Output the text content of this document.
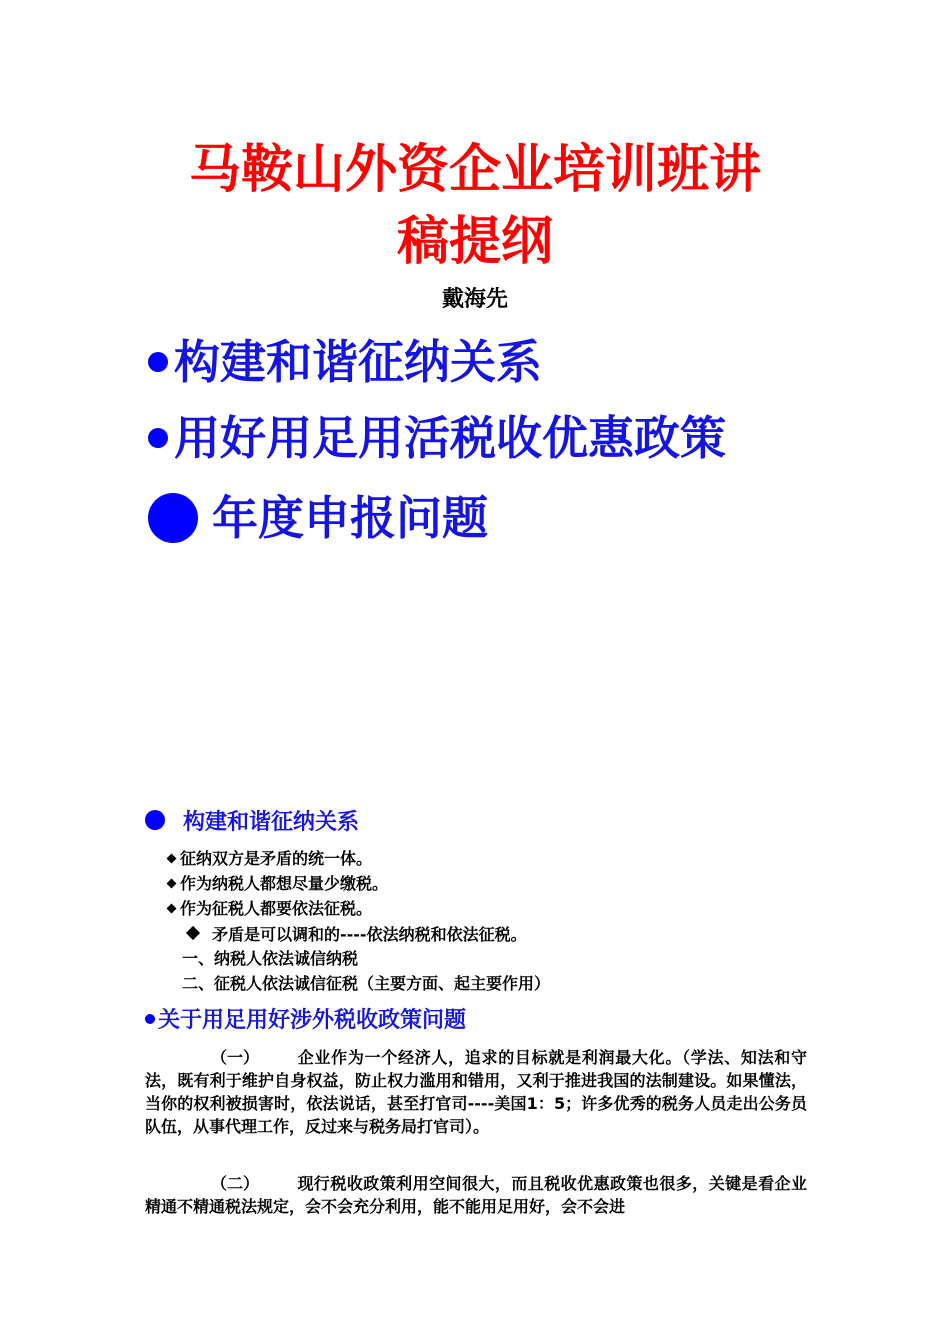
马鞍山外资企业培训班讲
稿提纲
戴海先
构建和谐征纳关系
用好用足用活税收优惠政策
年度申报问题
构建和谐征纳关系
征纳双方是矛盾的统一体。
作为纳税人都想尽量少缴税。
作为征税人都要依法征税。
矛盾是可以调和的----依法纳税和依法征税。
一、纳税人依法诚信纳税
二、征税人依法诚信征税（主要方面、起主要作用）
关于用足用好涉外税收政策问题
（一） 企业作为一个经济人，追求的目标就是利润最大化。（学法、知法和守法，既有利于维护自身权益，防止权力滥用和错用，又利于推进我国的法制建设。如果懂法，当你的权利被损害时，依法说话，甚至打官司----美国1：5；许多优秀的税务人员走出公务员队伍，从事代理工作，反过来与税务局打官司）。
（二） 现行税收政策利用空间很大，而且税收优惠政策也很多，关键是看企业精通不精通税法规定，会不会充分利用，能不能用足用好，会不会进
